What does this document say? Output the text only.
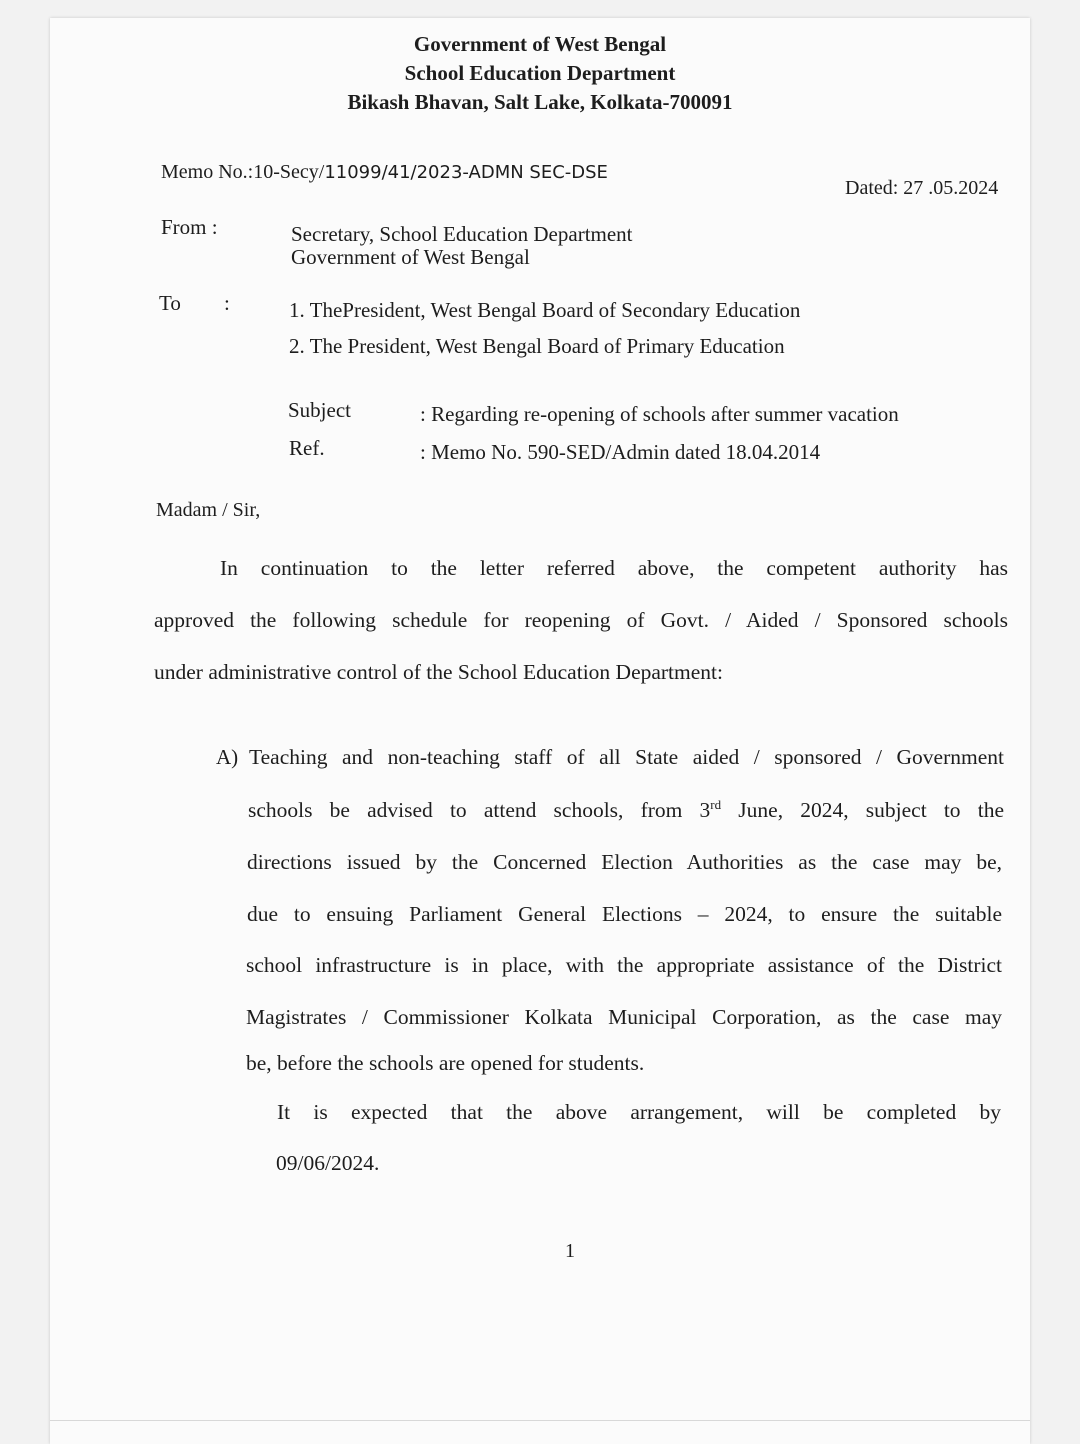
Government of West Bengal
School Education Department
Bikash Bhavan, Salt Lake, Kolkata-700091
Memo No.:10-Secy/11099/41/2023-ADMN SEC-DSE
Dated: 27 .05.2024
From :	Secretary, School Education Department
Government of West Bengal
To :	1. ThePresident, West Bengal Board of Secondary Education
2. The President, West Bengal Board of Primary Education
Subject	: Regarding re-opening of schools after summer vacation
Ref.	: Memo No. 590-SED/Admin dated 18.04.2014
Madam / Sir,
In continuation to the letter referred above, the competent authority has
approved the following schedule for reopening of Govt. / Aided / Sponsored schools
under administrative control of the School Education Department:
A) Teaching and non-teaching staff of all State aided / sponsored / Government
schools be advised to attend schools, from 3rd June, 2024, subject to the
directions issued by the Concerned Election Authorities as the case may be,
due to ensuing Parliament General Elections – 2024, to ensure the suitable
school infrastructure is in place, with the appropriate assistance of the District
Magistrates / Commissioner Kolkata Municipal Corporation, as the case may
be, before the schools are opened for students.
It is expected that the above arrangement, will be completed by
09/06/2024.
1
